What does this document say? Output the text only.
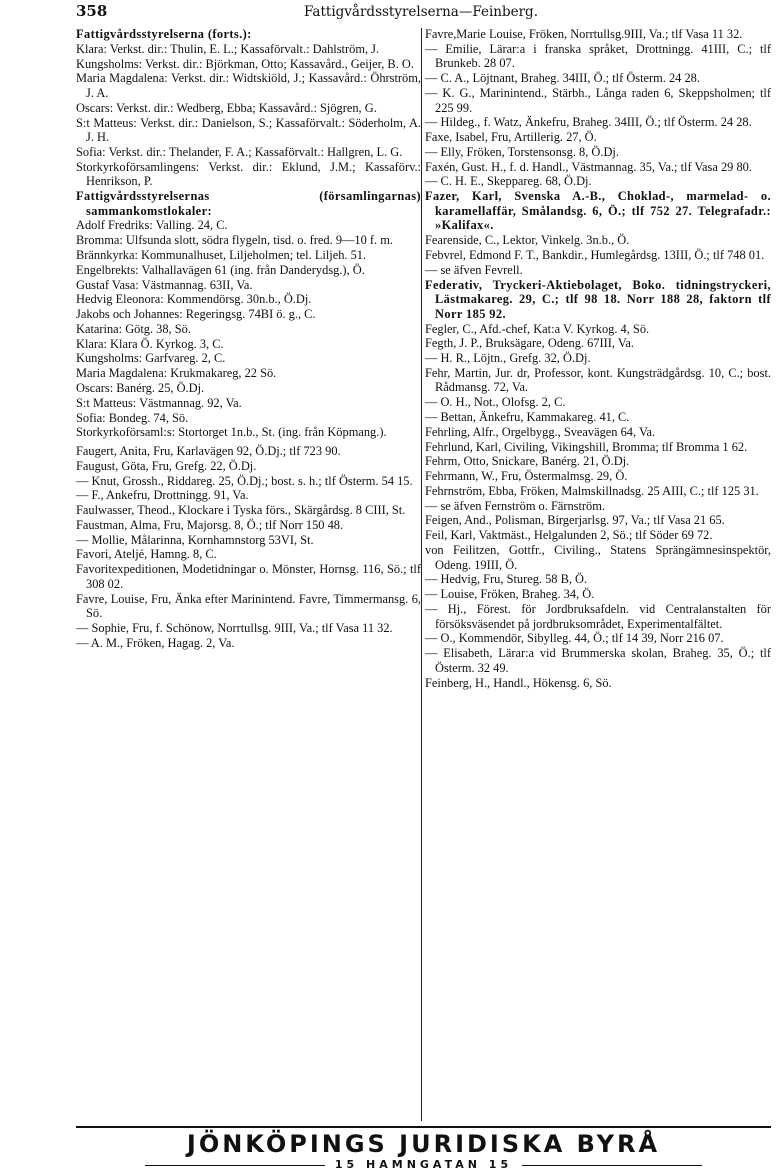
358	Fattigvårdsstyrelserna—Feinberg.

Fattigvårdsstyrelserna (forts.):

Klara: Verkst. dir.: Thulin, E. L.; Kassaförvalt.: Dahlström, J.

Kungsholms: Verkst. dir.: Björkman, Otto; Kassavård., Geijer, B. O.

Maria Magdalena: Verkst. dir.: Widtskiöld, J.; Kassavård.: Öhrström, J. A.

Oscars: Verkst. dir.: Wedberg, Ebba; Kassavård.: Sjögren, G.

S:t Matteus: Verkst. dir.: Danielson, S.; Kassaförvalt.: Söderholm, A. J. H.

Sofia: Verkst. dir.: Thelander, F. A.; Kassaförvalt.: Hallgren, L. G.

Storkyrkoförsamlingens: Verkst. dir.: Eklund, J.M.; Kassaförv.: Henrikson, P.

Fattigvårdsstyrelsernas (församlingarnas) sammankomstlokaler:

Adolf Fredriks: Valling. 24, C.

Bromma: Ulfsunda slott, södra flygeln, tisd. o. fred. 9—10 f. m.

Brännkyrka: Kommunalhuset, Liljeholmen; tel. Liljeh. 51.

Engelbrekts: Valhallavägen 61 (ing. från Danderydsg.), Ö.

Gustaf Vasa: Västmannag. 63II, Va.

Hedvig Eleonora: Kommendörsg. 30n.b., Ö.Dj.

Jakobs och Johannes: Regeringsg. 74BI ö. g., C.

Katarina: Götg. 38, Sö.

Klara: Klara Ö. Kyrkog. 3, C.

Kungsholms: Garfvareg. 2, C.

Maria Magdalena: Krukmakareg, 22 Sö.

Oscars: Banérg. 25, Ö.Dj.

S:t Matteus: Västmannag. 92, Va.

Sofia: Bondeg. 74, Sö.

Storkyrkoförsaml:s: Stortorget 1n.b., St. (ing. från Köpmang.).

Faugert, Anita, Fru, Karlavägen 92, Ö.Dj.; tlf 723 90.

Faugust, Göta, Fru, Grefg. 22, Ö.Dj.

— Knut, Grossh., Riddareg. 25, Ö.Dj.; bost. s. h.; tlf Österm. 54 15.

— F., Ankefru, Drottningg. 91, Va.

Faulwasser, Theod., Klockare i Tyska förs., Skärgårdsg. 8 CIII, St.

Faustman, Alma, Fru, Majorsg. 8, Ö.; tlf Norr 150 48.

— Mollie, Målarinna, Kornhamnstorg 53VI, St.

Favori, Ateljé, Hamng. 8, C.

Favoritexpeditionen, Modetidningar o. Mönster, Hornsg. 116, Sö.; tlf 308 02.

Favre, Louise, Fru, Änka efter Marinintend. Favre, Timmermansg. 6, Sö.

— Sophie, Fru, f. Schönow, Norrtullsg. 9III, Va.; tlf Vasa 11 32.

— A. M., Fröken, Hagag. 2, Va.

Favre,Marie Louise, Fröken, Norrtullsg.9III, Va.; tlf Vasa 11 32.

— Emilie, Lärar:a i franska språket, Drottningg. 41III, C.; tlf Brunkeb. 28 07.

— C. A., Löjtnant, Braheg. 34III, Ö.; tlf Österm. 24 28.

— K. G., Marinintend., Stärbh., Långa raden 6, Skeppsholmen; tlf 225 99.

— Hildeg., f. Watz, Änkefru, Braheg. 34III, Ö.; tlf Österm. 24 28.

Faxe, Isabel, Fru, Artillerig. 27, Ö.

— Elly, Fröken, Torstensonsg. 8, Ö.Dj.

Faxén, Gust. H., f. d. Handl., Västmannag. 35, Va.; tlf Vasa 29 80.

— C. H. E., Skeppareg. 68, Ö.Dj.

Fazer, Karl, Svenska A.-B., Choklad-, marmelad- o. karamellaffär, Smålandsg. 6, Ö.; tlf 752 27. Telegrafadr.: »Kalifax«.

Fearenside, C., Lektor, Vinkelg. 3n.b., Ö.

Febvrel, Edmond F. T., Bankdir., Humlegårdsg. 13III, Ö.; tlf 748 01.

— se äfven Fevrell.

Federativ, Tryckeri-Aktiebolaget, Boko. tidningstryckeri, Lästmakareg. 29, C.; tlf 98 18. Norr 188 28, faktorn tlf Norr 185 92.

Fegler, C., Afd.-chef, Kat:a V. Kyrkog. 4, Sö.

Fegth, J. P., Bruksägare, Odeng. 67III, Va.

— H. R., Löjtn., Grefg. 32, Ö.Dj.

Fehr, Martin, Jur. dr, Professor, kont. Kungsträdgårdsg. 10, C.; bost. Rådmansg. 72, Va.

— O. H., Not., Olofsg. 2, C.

— Bettan, Änkefru, Kammakareg. 41, C.

Fehrling, Alfr., Orgelbygg., Sveavägen 64, Va.

Fehrlund, Karl, Civiling, Vikingshill, Bromma; tlf Bromma 1 62.

Fehrm, Otto, Snickare, Banérg. 21, Ö.Dj.

Fehrmann, W., Fru, Östermalmsg. 29, Ö.

Fehrnström, Ebba, Fröken, Malmskillnadsg. 25 AIII, C.; tlf 125 31.

— se äfven Fernström o. Färnström.

Feigen, And., Polisman, Birgerjarlsg. 97, Va.; tlf Vasa 21 65.

Feil, Karl, Vaktmäst., Helgalunden 2, Sö.; tlf Söder 69 72.

von Feilitzen, Gottfr., Civiling., Statens Sprängämnesinspektör, Odeng. 19III, Ö.

— Hedvig, Fru, Stureg. 58 B, Ö.

— Louise, Fröken, Braheg. 34, Ö.

— Hj., Förest. för Jordbruksafdeln. vid Centralanstalten för försöksväsendet på jordbruksområdet, Experimentalfältet.

— O., Kommendör, Sibylleg. 44, Ö.; tlf 14 39, Norr 216 07.

— Elisabeth, Lärar:a vid Brummerska skolan, Braheg. 35, Ö.; tlf Österm. 32 49.

Feinberg, H., Handl., Hökensg. 6, Sö.

JÖNKÖPINGS JURIDISKA BYRÅ
15 HAMNGATAN 15
